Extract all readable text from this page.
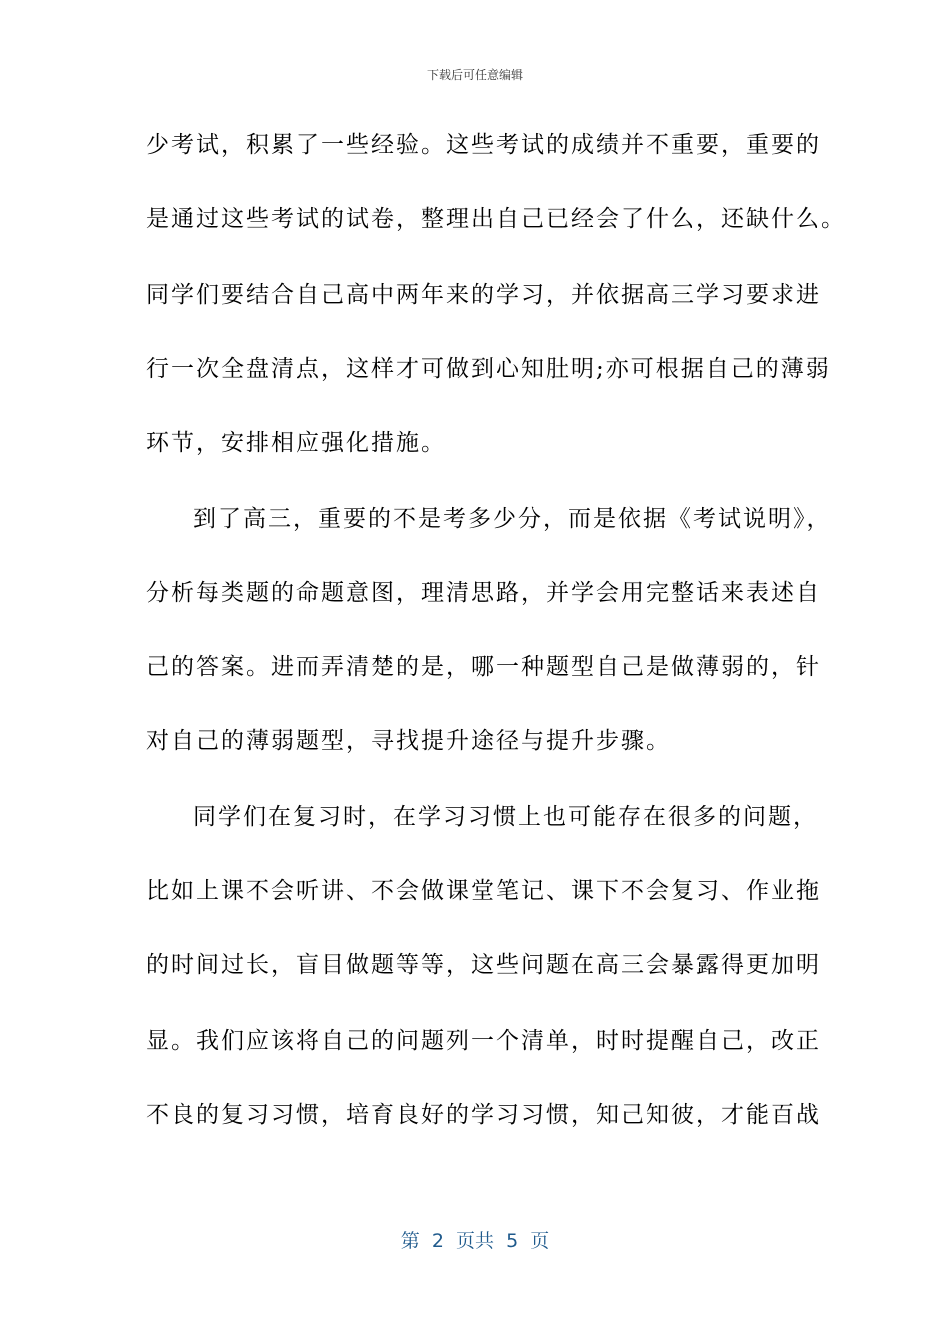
下载后可任意编辑
少考试，积累了一些经验。这些考试的成绩并不重要，重要的
是通过这些考试的试卷，整理出自己已经会了什么，还缺什么。
同学们要结合自己高中两年来的学习，并依据高三学习要求进
行一次全盘清点，这样才可做到心知肚明;亦可根据自己的薄弱
环节，安排相应强化措施。
到了高三，重要的不是考多少分，而是依据《考试说明》，
分析每类题的命题意图，理清思路，并学会用完整话来表述自
己的答案。进而弄清楚的是，哪一种题型自己是做薄弱的，针
对自己的薄弱题型，寻找提升途径与提升步骤。
同学们在复习时，在学习习惯上也可能存在很多的问题，
比如上课不会听讲、不会做课堂笔记、课下不会复习、作业拖
的时间过长，盲目做题等等，这些问题在高三会暴露得更加明
显。我们应该将自己的问题列一个清单，时时提醒自己，改正
不良的复习习惯，培育良好的学习习惯，知己知彼，才能百战
第  2  页共  5  页
